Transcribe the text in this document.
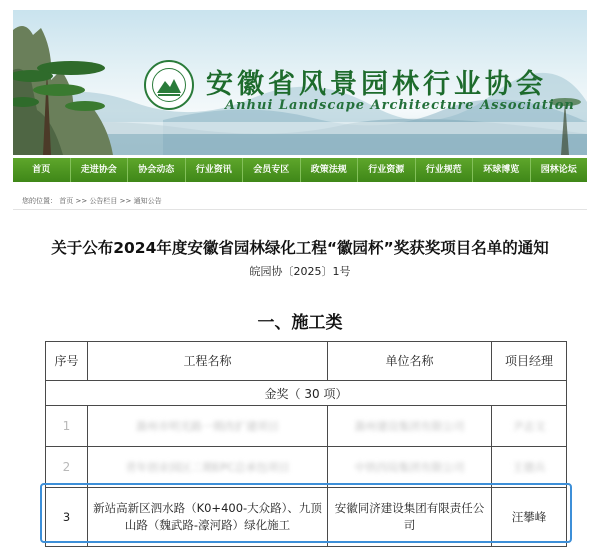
安徽省风景园林行业协会
Anhui Landscape Architecture Association
首页	走进协会	协会动态	行业资讯	会员专区	政策法规	行业资源	行业规范	环球博览	园林论坛
您的位置： 首页 >> 公告栏目 >> 通知公告
关于公布2024年度安徽省园林绿化工程“徽园杯”奖获奖项目名单的通知
皖园协〔2025〕1号
一、施工类
序号	工程名称	单位名称	项目经理
金奖（ 30 项）			
1	滁州市明光路一期改扩建项目	滁州建设集团有限公司	尹志文
2	青年创业园区二期EPC总承包项目	中铁四局集团有限公司	王德兵
3	新站高新区泗水路（K0+400-大众路）、九顶山路（魏武路-濠河路）绿化施工	安徽同济建设集团有限责任公司	汪攀峰
